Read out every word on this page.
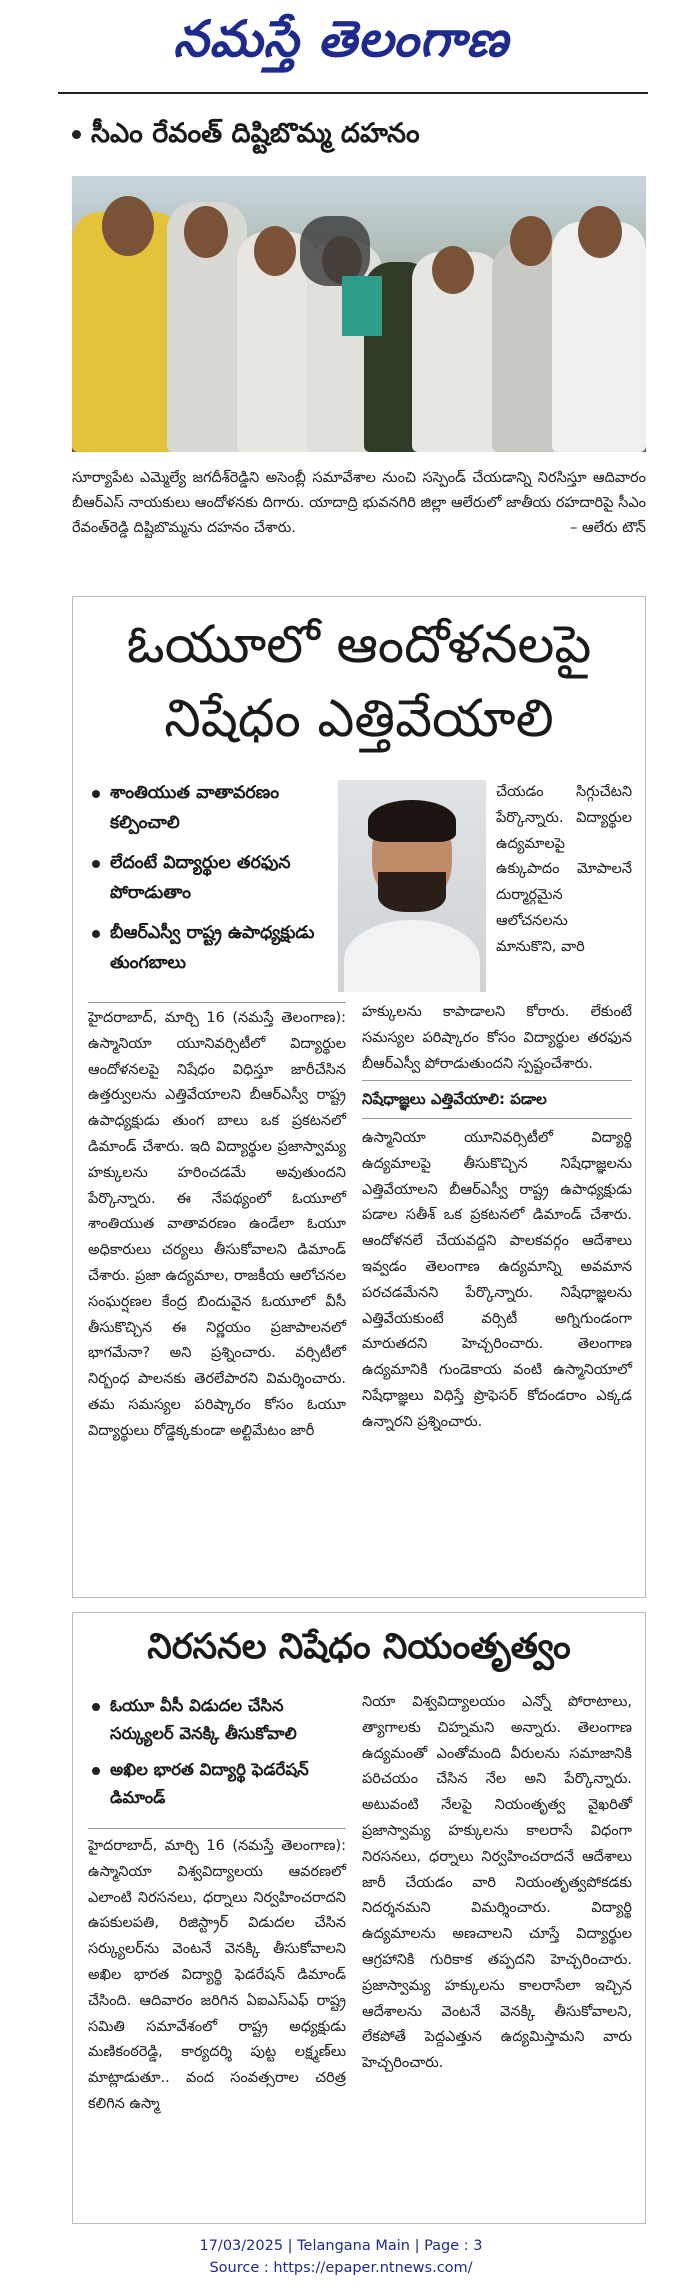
నమస్తే తెలంగాణ
సీఎం రేవంత్ దిష్టిబొమ్మ దహనం
సూర్యాపేట ఎమ్మెల్యే జగదీశ్‌రెడ్డిని అసెంబ్లీ సమావేశాల నుంచి సస్పెండ్ చేయడాన్ని నిరసిస్తూ ఆదివారం బీఆర్‌ఎస్ నాయకులు ఆందోళనకు దిగారు. యాదాద్రి భువనగిరి జిల్లా ఆలేరులో జాతీయ రహదారిపై సీఎం రేవంత్‌రెడ్డి దిష్టిబొమ్మను దహనం చేశారు.	– ఆలేరు టౌన్
ఓయూలో ఆందోళనలపై
నిషేధం ఎత్తివేయాలి
శాంతియుత వాతావరణం కల్పించాలి
లేదంటే విద్యార్థుల తరఫున పోరాడుతాం
బీఆర్‌ఎస్వీ రాష్ట్ర ఉపాధ్యక్షుడు తుంగబాలు
చేయడం సిగ్గుచేటని పేర్కొన్నారు. విద్యార్థుల ఉద్యమాలపై ఉక్కుపాదం మోపాలనే దుర్మార్గమైన ఆలోచనలను మానుకొని, వారి
హైదరాబాద్, మార్చి 16 (నమస్తే తెలంగాణ): ఉస్మానియా యూనివర్సిటీలో విద్యార్థుల ఆందోళనలపై నిషేధం విధిస్తూ జారీచేసిన ఉత్తర్వులను ఎత్తివేయాలని బీఆర్‌ఎస్వీ రాష్ట్ర ఉపాధ్యక్షుడు తుంగ బాలు ఒక ప్రకటనలో డిమాండ్ చేశారు. ఇది విద్యార్థుల ప్రజాస్వామ్య హక్కులను హరించడమే అవుతుందని పేర్కొన్నారు. ఈ నేపథ్యంలో ఓయూలో శాంతియుత వాతావరణం ఉండేలా ఓయూ అధికారులు చర్యలు తీసుకోవాలని డిమాండ్ చేశారు. ప్రజా ఉద్యమాల, రాజకీయ ఆలోచనల సంఘర్షణల కేంద్ర బిందువైన ఓయూలో వీసీ తీసుకొచ్చిన ఈ నిర్ణయం ప్రజాపాలనలో భాగమేనా? అని ప్రశ్నించారు. వర్సిటీలో నిర్బంధ పాలనకు తెరలేపారని విమర్శించారు. తమ సమస్యల పరిష్కారం కోసం ఓయూ విద్యార్థులు రోడ్డెక్కకుండా అల్టిమేటం జారీ
హక్కులను కాపాడాలని కోరారు. లేకుంటే సమస్యల పరిష్కారం కోసం విద్యార్థుల తరఫున బీఆర్‌ఎస్వీ పోరాడుతుందని స్పష్టంచేశారు.
నిషేధాజ్ఞలు ఎత్తివేయాలి: పడాల
ఉస్మానియా యూనివర్సిటీలో విద్యార్థి ఉద్యమాలపై తీసుకొచ్చిన నిషేధాజ్ఞలను ఎత్తివేయాలని బీఆర్‌ఎస్వీ రాష్ట్ర ఉపాధ్యక్షుడు పడాల సతీశ్ ఒక ప్రకటనలో డిమాండ్ చేశారు. ఆందోళనలే చేయవద్దని పాలకవర్గం ఆదేశాలు ఇవ్వడం తెలంగాణ ఉద్యమాన్ని అవమాన పరచడమేనని పేర్కొన్నారు. నిషేధాజ్ఞలను ఎత్తివేయకుంటే వర్సిటీ అగ్నిగుండంగా మారుతదని హెచ్చరించారు. తెలంగాణ ఉద్యమానికి గుండెకాయ వంటి ఉస్మానియాలో నిషేధాజ్ఞలు విధిస్తే ప్రొఫెసర్ కోదండరాం ఎక్కడ ఉన్నారని ప్రశ్నించారు.
నిరసనల నిషేధం నియంతృత్వం
ఓయూ వీసీ విడుదల చేసిన సర్క్యులర్‌ వెనక్కి తీసుకోవాలి
అఖిల భారత విద్యార్థి ఫెడరేషన్ డిమాండ్
హైదరాబాద్, మార్చి 16 (నమస్తే తెలంగాణ): ఉస్మానియా విశ్వవిద్యాలయ ఆవరణలో ఎలాంటి నిరసనలు, ధర్నాలు నిర్వహించరాదని ఉపకులపతి, రిజిస్ట్రార్ విడుదల చేసిన సర్క్యులర్‌ను వెంటనే వెనక్కి తీసుకోవాలని అఖిల భారత విద్యార్థి ఫెడరేషన్ డిమాండ్ చేసింది. ఆదివారం జరిగిన ఏఐఎస్ఎఫ్ రాష్ట్ర సమితి సమావేశంలో రాష్ట్ర అధ్యక్షుడు మణికంఠరెడ్డి, కార్యదర్శి పుట్ట లక్ష్మణ్‌లు మాట్లాడుతూ.. వంద సంవత్సరాల చరిత్ర కలిగిన ఉస్మా
నియా విశ్వవిద్యాలయం ఎన్నో పోరాటాలు, త్యాగాలకు చిహ్నమని అన్నారు. తెలంగాణ ఉద్యమంతో ఎంతోమంది వీరులను సమాజానికి పరిచయం చేసిన నేల అని పేర్కొన్నారు. అటువంటి నేలపై నియంతృత్వ వైఖరితో ప్రజాస్వామ్య హక్కులను కాలరాసే విధంగా నిరసనలు, ధర్నాలు నిర్వహించరాదనే ఆదేశాలు జారీ చేయడం వారి నియంతృత్వపోకడకు నిదర్శనమని విమర్శించారు. విద్యార్థి ఉద్యమాలను అణచాలని చూస్తే విద్యార్థుల ఆగ్రహానికి గురికాక తప్పదని హెచ్చరించారు. ప్రజాస్వామ్య హక్కులను కాలరాసేలా ఇచ్చిన ఆదేశాలను వెంటనే వెనక్కి తీసుకోవాలని, లేకపోతే పెద్దఎత్తున ఉద్యమిస్తామని వారు హెచ్చరించారు.
17/03/2025 | Telangana Main | Page : 3
Source : https://epaper.ntnews.com/
